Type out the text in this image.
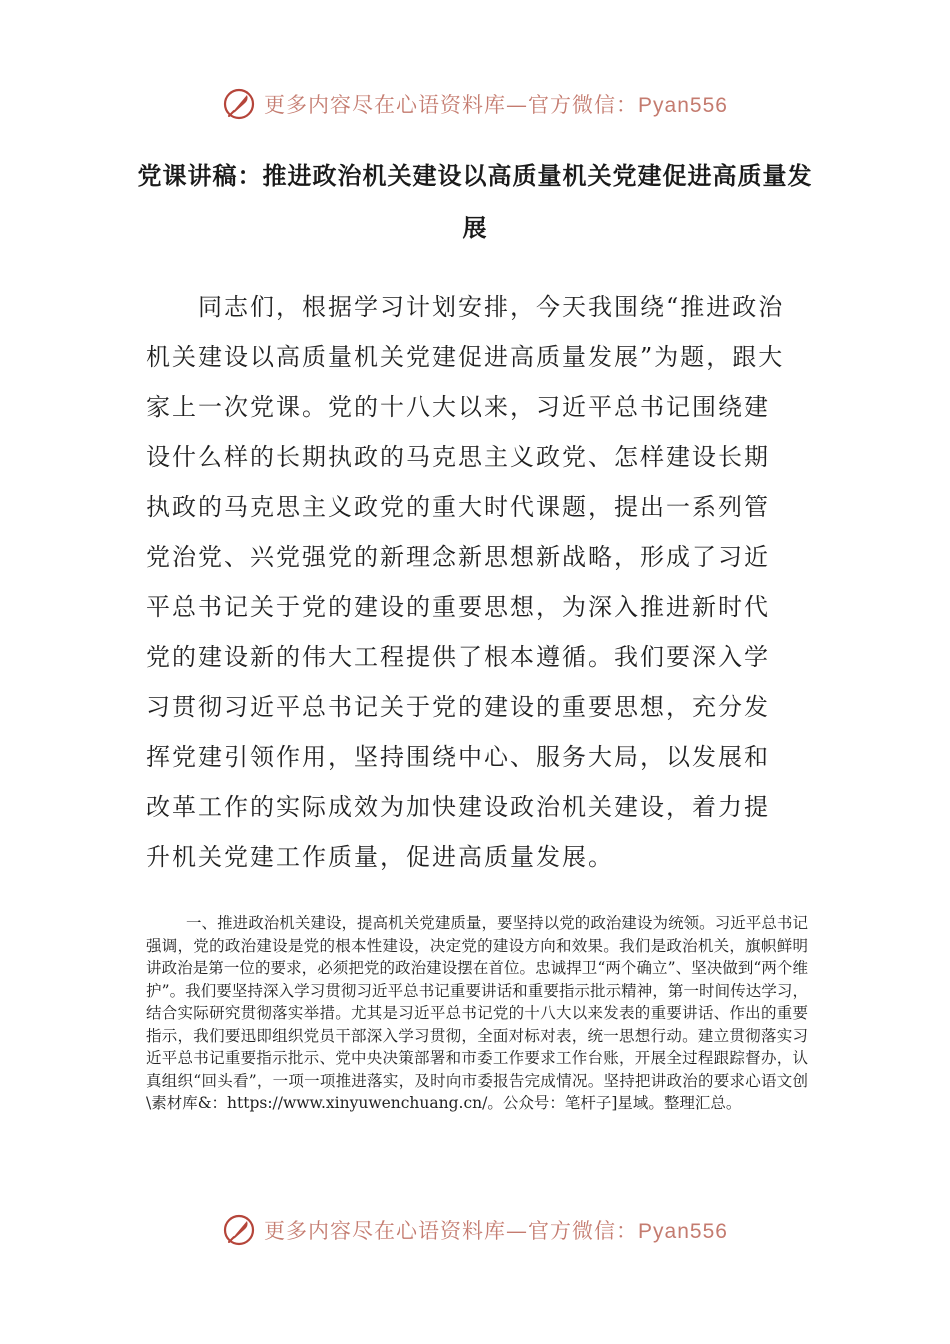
更多内容尽在心语资料库—官方微信：Pyan556
党课讲稿：推进政治机关建设以高质量机关党建促进高质量发展

同志们，根据学习计划安排，今天我围绕“推进政治机关建设以高质量机关党建促进高质量发展”为题，跟大家上一次党课。党的十八大以来，习近平总书记围绕建设什么样的长期执政的马克思主义政党、怎样建设长期执政的马克思主义政党的重大时代课题，提出一系列管党治党、兴党强党的新理念新思想新战略，形成了习近平总书记关于党的建设的重要思想，为深入推进新时代党的建设新的伟大工程提供了根本遵循。我们要深入学习贯彻习近平总书记关于党的建设的重要思想，充分发挥党建引领作用，坚持围绕中心、服务大局，以发展和改革工作的实际成效为加快建设政治机关建设，着力提升机关党建工作质量，促进高质量发展。

一、推进政治机关建设，提高机关党建质量，要坚持以党的政治建设为统领。习近平总书记强调，党的政治建设是党的根本性建设，决定党的建设方向和效果。我们是政治机关，旗帜鲜明讲政治是第一位的要求，必须把党的政治建设摆在首位。忠诚捍卫“两个确立”、坚决做到“两个维护”。我们要坚持深入学习贯彻习近平总书记重要讲话和重要指示批示精神，第一时间传达学习，结合实际研究贯彻落实举措。尤其是习近平总书记党的十八大以来发表的重要讲话、作出的重要指示，我们要迅即组织党员干部深入学习贯彻，全面对标对表，统一思想行动。建立贯彻落实习近平总书记重要指示批示、党中央决策部署和市委工作要求工作台账，开展全过程跟踪督办，认真组织“回头看”，一项一项推进落实，及时向市委报告完成情况。坚持把讲政治的要求心语文创\素材库&：https://www.xinyuwenchuang.cn/。公众号：笔杆子]星域。整理汇总。

更多内容尽在心语资料库—官方微信：Pyan556
